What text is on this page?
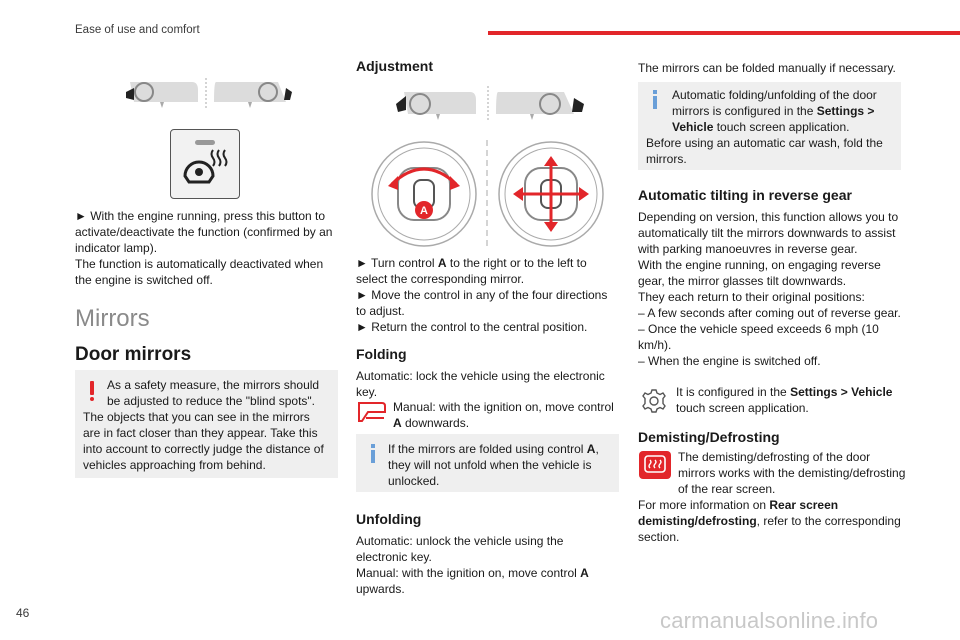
Ease of use and comfort

► With the engine running, press this button to activate/deactivate the function (confirmed by an indicator lamp).

The function is automatically deactivated when the engine is switched off.

Mirrors
Door mirrors

As a safety measure, the mirrors should be adjusted to reduce the "blind spots".

The objects that you can see in the mirrors are in fact closer than they appear. Take this into account to correctly judge the distance of vehicles approaching from behind.

Adjustment
A

► Turn control A to the right or to the left to select the corresponding mirror.

► Move the control in any of the four directions to adjust.

► Return the control to the central position.

Folding

Automatic: lock the vehicle using the electronic key.

Manual: with the ignition on, move control A downwards.

If the mirrors are folded using control A, they will not unfold when the vehicle is unlocked.

Unfolding

Automatic: unlock the vehicle using the electronic key.

Manual: with the ignition on, move control A upwards.

The mirrors can be folded manually if necessary.

Automatic folding/unfolding of the door mirrors is configured in the Settings > Vehicle touch screen application.

Before using an automatic car wash, fold the mirrors.

Automatic tilting in reverse gear

Depending on version, this function allows you to automatically tilt the mirrors downwards to assist with parking manoeuvres in reverse gear.

With the engine running, on engaging reverse gear, the mirror glasses tilt downwards.

They each return to their original positions:

– A few seconds after coming out of reverse gear.

– Once the vehicle speed exceeds 6 mph (10 km/h).

– When the engine is switched off.

It is configured in the Settings > Vehicle touch screen application.

Demisting/Defrosting

The demisting/defrosting of the door mirrors works with the demisting/defrosting of the rear screen.

For more information on Rear screen demisting/defrosting, refer to the corresponding section.

46	carmanualsonline.info
